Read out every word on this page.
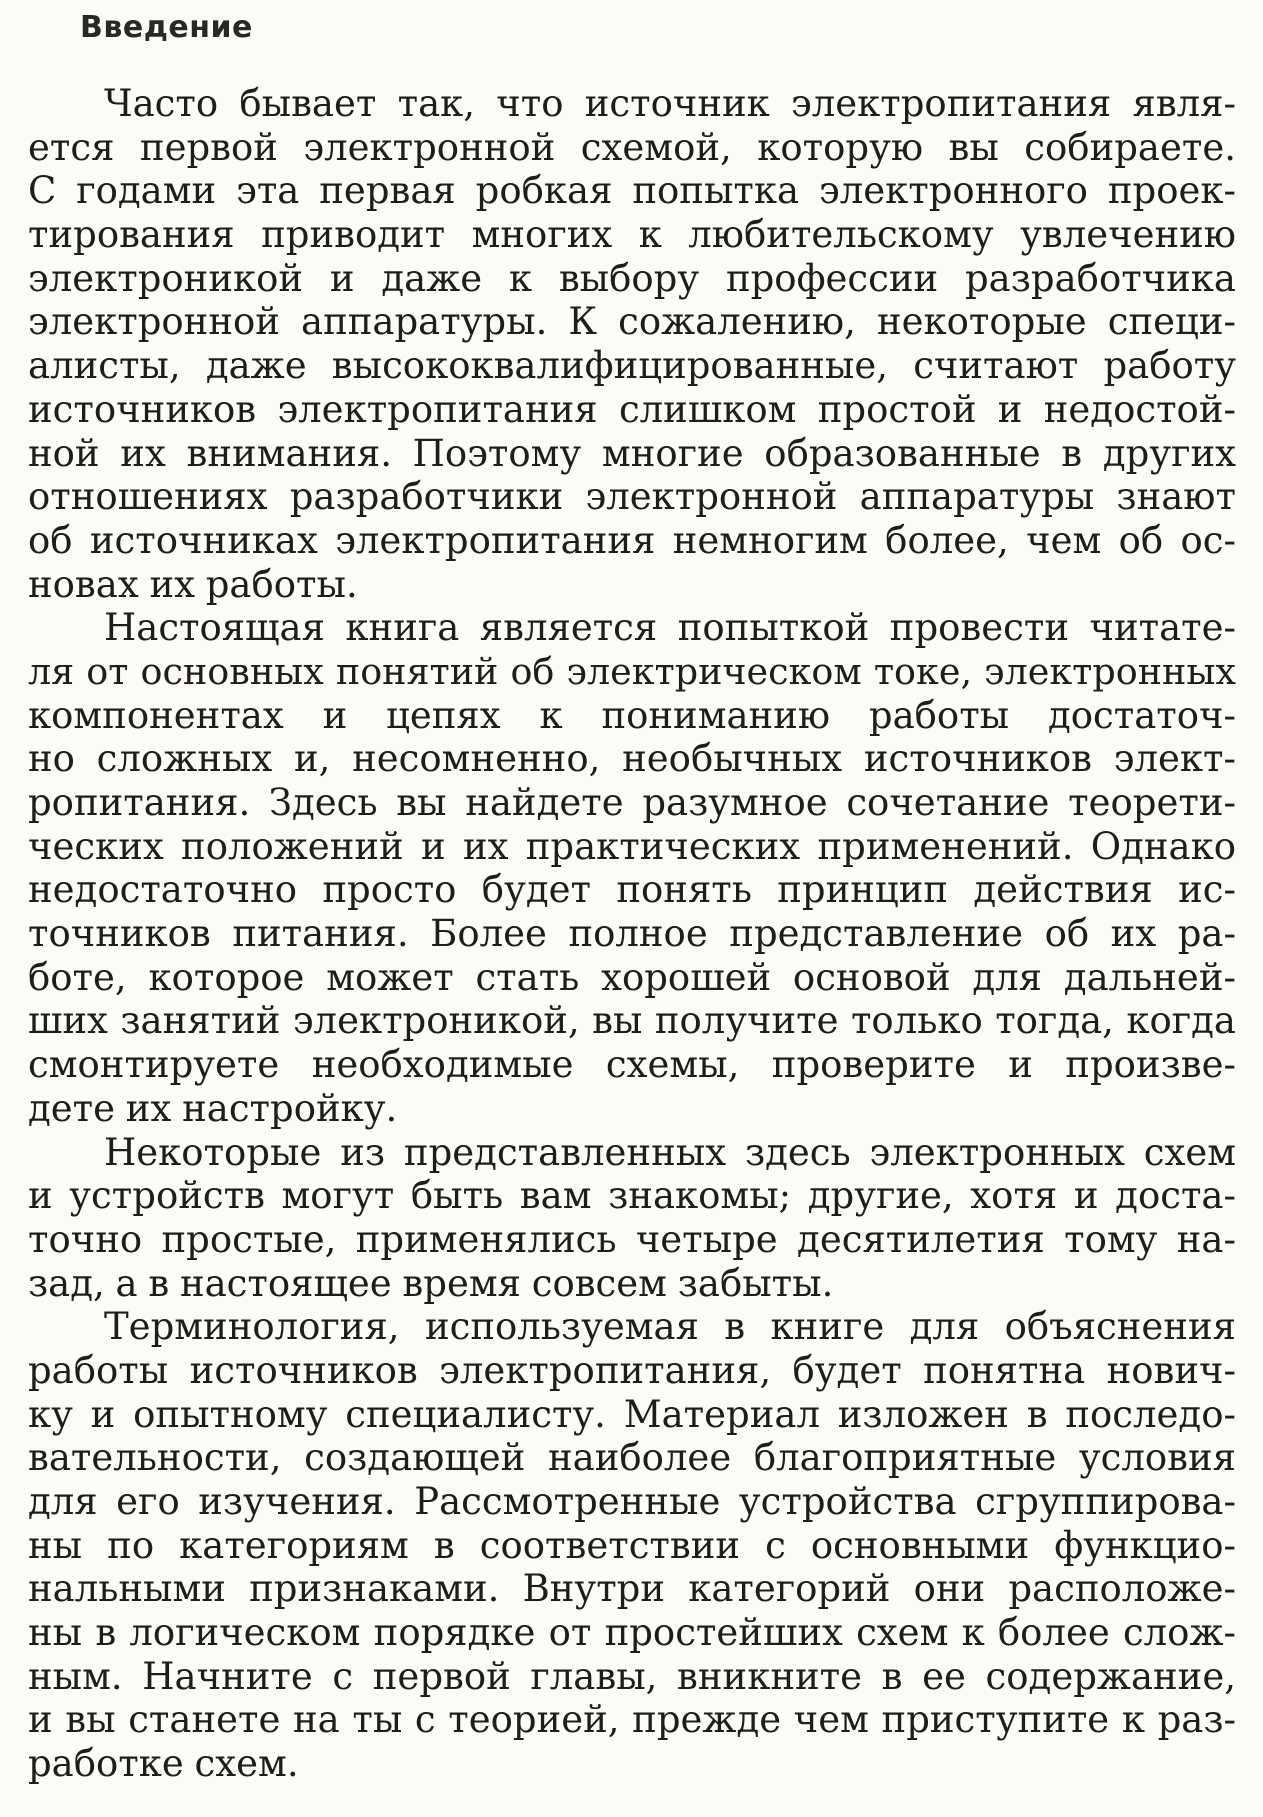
Введение
Часто бывает так, что источник электропитания явля-
ется первой электронной схемой, которую вы собираете.
С годами эта первая робкая попытка электронного проек-
тирования приводит многих к любительскому увлечению
электроникой и даже к выбору профессии разработчика
электронной аппаратуры. К сожалению, некоторые специ-
алисты, даже высококвалифицированные, считают работу
источников электропитания слишком простой и недостой-
ной их внимания. Поэтому многие образованные в других
отношениях разработчики электронной аппаратуры знают
об источниках электропитания немногим более, чем об ос-
новах их работы.
Настоящая книга является попыткой провести читате-
ля от основных понятий об электрическом токе, электронных
компонентах и цепях к пониманию работы достаточ-
но сложных и, несомненно, необычных источников элект-
ропитания. Здесь вы найдете разумное сочетание теорети-
ческих положений и их практических применений. Однако
недостаточно просто будет понять принцип действия ис-
точников питания. Более полное представление об их ра-
боте, которое может стать хорошей основой для дальней-
ших занятий электроникой, вы получите только тогда, когда
смонтируете необходимые схемы, проверите и произве-
дете их настройку.
Некоторые из представленных здесь электронных схем
и устройств могут быть вам знакомы; другие, хотя и доста-
точно простые, применялись четыре десятилетия тому на-
зад, а в настоящее время совсем забыты.
Терминология, используемая в книге для объяснения
работы источников электропитания, будет понятна нович-
ку и опытному специалисту. Материал изложен в последо-
вательности, создающей наиболее благоприятные условия
для его изучения. Рассмотренные устройства сгруппирова-
ны по категориям в соответствии с основными функцио-
нальными признаками. Внутри категорий они расположе-
ны в логическом порядке от простейших схем к более слож-
ным. Начните с первой главы, вникните в ее содержание,
и вы станете на ты с теорией, прежде чем приступите к раз-
работке схем.
